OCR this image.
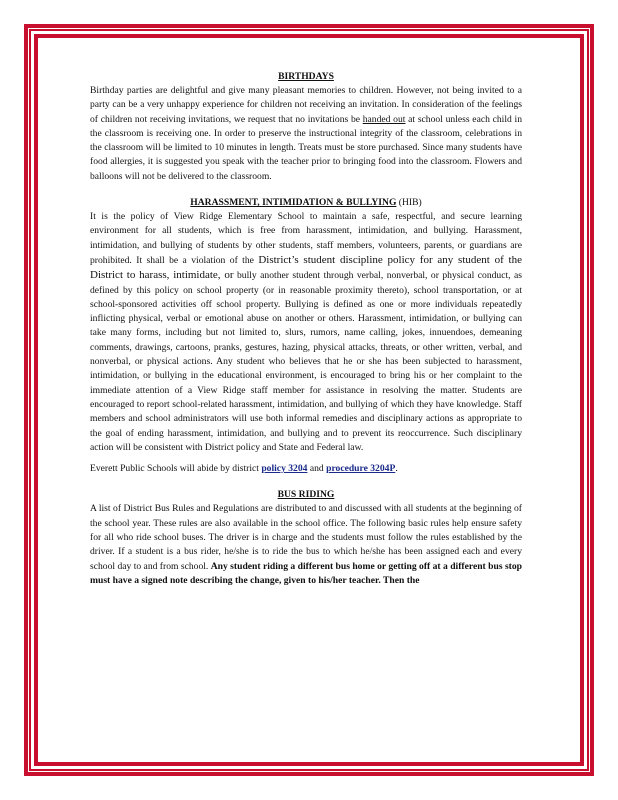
BIRTHDAYS

Birthday parties are delightful and give many pleasant memories to children. However, not being invited to a party can be a very unhappy experience for children not receiving an invitation. In consideration of the feelings of children not receiving invitations, we request that no invitations be handed out at school unless each child in the classroom is receiving one. In order to preserve the instructional integrity of the classroom, celebrations in the classroom will be limited to 10 minutes in length. Treats must be store purchased. Since many students have food allergies, it is suggested you speak with the teacher prior to bringing food into the classroom. Flowers and balloons will not be delivered to the classroom.

HARASSMENT, INTIMIDATION & BULLYING (HIB)

It is the policy of View Ridge Elementary School to maintain a safe, respectful, and secure learning environment for all students, which is free from harassment, intimidation, and bullying. Harassment, intimidation, and bullying of students by other students, staff members, volunteers, parents, or guardians are prohibited. It shall be a violation of the District’s student discipline policy for any student of the District to harass, intimidate, or bully another student through verbal, nonverbal, or physical conduct, as defined by this policy on school property (or in reasonable proximity thereto), school transportation, or at school-sponsored activities off school property. Bullying is defined as one or more individuals repeatedly inflicting physical, verbal or emotional abuse on another or others. Harassment, intimidation, or bullying can take many forms, including but not limited to, slurs, rumors, name calling, jokes, innuendoes, demeaning comments, drawings, cartoons, pranks, gestures, hazing, physical attacks, threats, or other written, verbal, and nonverbal, or physical actions. Any student who believes that he or she has been subjected to harassment, intimidation, or bullying in the educational environment, is encouraged to bring his or her complaint to the immediate attention of a View Ridge staff member for assistance in resolving the matter. Students are encouraged to report school-related harassment, intimidation, and bullying of which they have knowledge. Staff members and school administrators will use both informal remedies and disciplinary actions as appropriate to the goal of ending harassment, intimidation, and bullying and to prevent its reoccurrence. Such disciplinary action will be consistent with District policy and State and Federal law.

Everett Public Schools will abide by district policy 3204 and procedure 3204P.

BUS RIDING

A list of District Bus Rules and Regulations are distributed to and discussed with all students at the beginning of the school year. These rules are also available in the school office. The following basic rules help ensure safety for all who ride school buses. The driver is in charge and the students must follow the rules established by the driver. If a student is a bus rider, he/she is to ride the bus to which he/she has been assigned each and every school day to and from school. Any student riding a different bus home or getting off at a different bus stop must have a signed note describing the change, given to his/her teacher. Then the
